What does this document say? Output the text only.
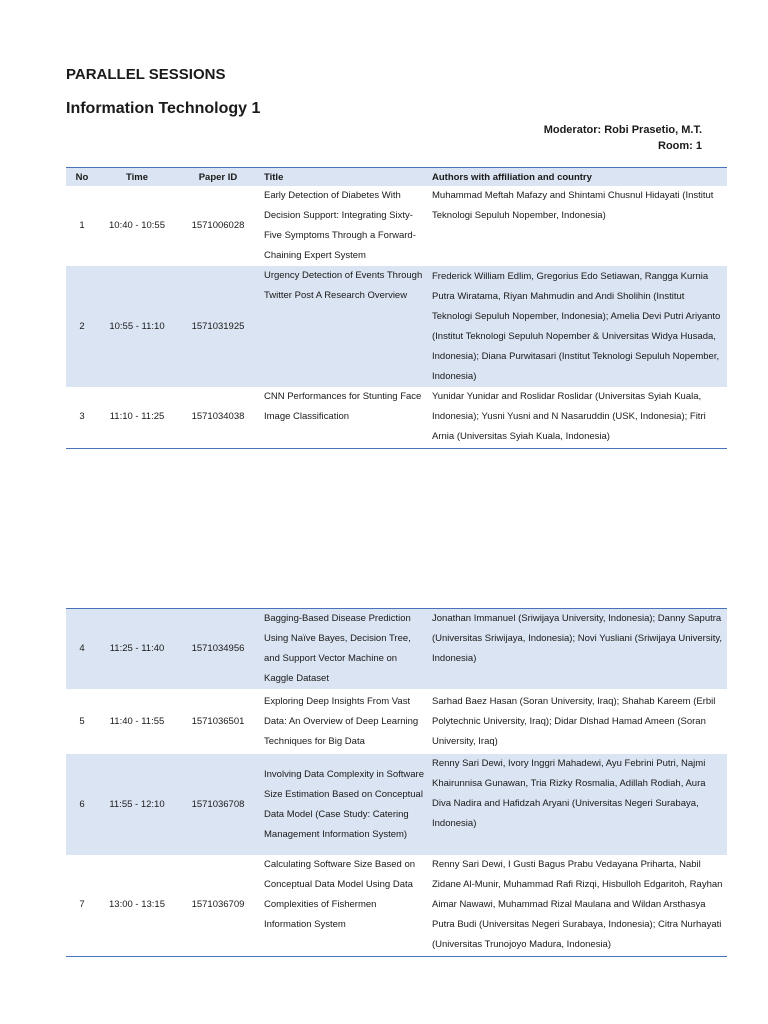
PARALLEL SESSIONS
Information Technology 1
Moderator: Robi Prasetio, M.T.
Room: 1
No	Time	Paper ID	Title	Authors with affiliation and country
1	10:40 - 10:55	1571006028	Early Detection of Diabetes With Decision Support: Integrating Sixty-Five Symptoms Through a Forward-Chaining Expert System	Muhammad Meftah Mafazy and Shintami Chusnul Hidayati (Institut Teknologi Sepuluh Nopember, Indonesia)
2	10:55 - 11:10	1571031925	Urgency Detection of Events Through Twitter Post A Research Overview	Frederick William Edlim, Gregorius Edo Setiawan, Rangga Kurnia Putra Wiratama, Riyan Mahmudin and Andi Sholihin (Institut Teknologi Sepuluh Nopember, Indonesia); Amelia Devi Putri Ariyanto (Institut Teknologi Sepuluh Nopember & Universitas Widya Husada, Indonesia); Diana Purwitasari (Institut Teknologi Sepuluh Nopember, Indonesia)
3	11:10 - 11:25	1571034038	CNN Performances for Stunting Face Image Classification	Yunidar Yunidar and Roslidar Roslidar (Universitas Syiah Kuala, Indonesia); Yusni Yusni and N Nasaruddin (USK, Indonesia); Fitri Arnia (Universitas Syiah Kuala, Indonesia)
4	11:25 - 11:40	1571034956	Bagging-Based Disease Prediction Using Naïve Bayes, Decision Tree, and Support Vector Machine on Kaggle Dataset	Jonathan Immanuel (Sriwijaya University, Indonesia); Danny Saputra (Universitas Sriwijaya, Indonesia); Novi Yusliani (Sriwijaya University, Indonesia)
5	11:40 - 11:55	1571036501	Exploring Deep Insights From Vast Data: An Overview of Deep Learning Techniques for Big Data	Sarhad Baez Hasan (Soran University, Iraq); Shahab Kareem (Erbil Polytechnic University, Iraq); Didar Dlshad Hamad Ameen (Soran University, Iraq)
6	11:55 - 12:10	1571036708	Involving Data Complexity in Software Size Estimation Based on Conceptual Data Model (Case Study: Catering Management Information System)	Renny Sari Dewi, Ivory Inggri Mahadewi, Ayu Febrini Putri, Najmi Khairunnisa Gunawan, Tria Rizky Rosmalia, Adillah Rodiah, Aura Diva Nadira and Hafidzah Aryani (Universitas Negeri Surabaya, Indonesia)
7	13:00 - 13:15	1571036709	Calculating Software Size Based on Conceptual Data Model Using Data Complexities of Fishermen Information System	Renny Sari Dewi, I Gusti Bagus Prabu Vedayana Priharta, Nabil Zidane Al-Munir, Muhammad Rafi Rizqi, Hisbulloh Edgaritoh, Rayhan Aimar Nawawi, Muhammad Rizal Maulana and Wildan Arsthasya Putra Budi (Universitas Negeri Surabaya, Indonesia); Citra Nurhayati (Universitas Trunojoyo Madura, Indonesia)
